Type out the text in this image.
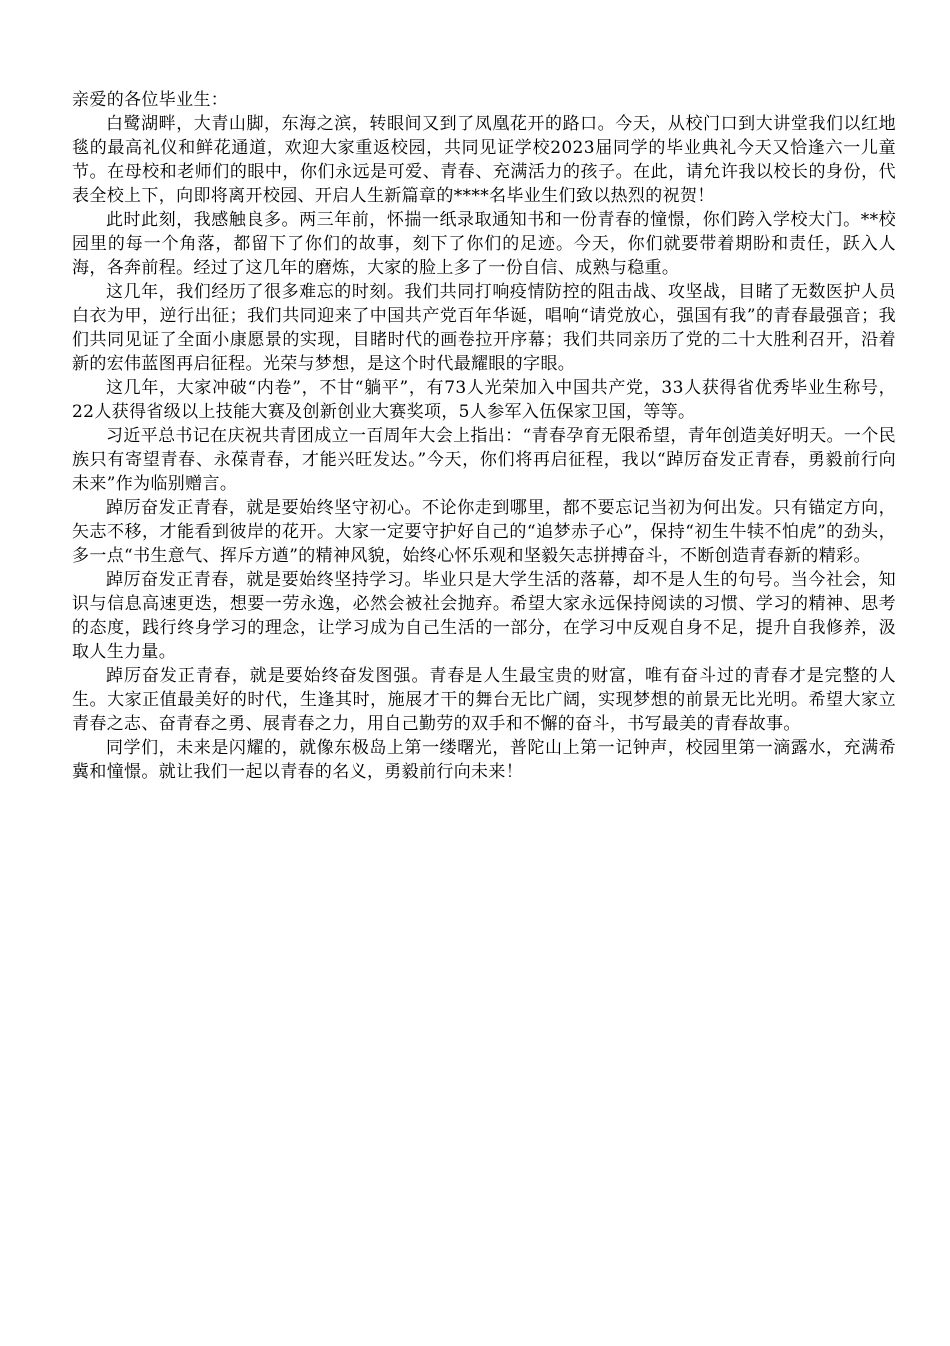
亲爱的各位毕业生：

白鹭湖畔，大青山脚，东海之滨，转眼间又到了凤凰花开的路口。今天，从校门口到大讲堂我们以红地毯的最高礼仪和鲜花通道，欢迎大家重返校园，共同见证学校2023届同学的毕业典礼今天又恰逢六一儿童节。在母校和老师们的眼中，你们永远是可爱、青春、充满活力的孩子。在此，请允许我以校长的身份，代表全校上下，向即将离开校园、开启人生新篇章的****名毕业生们致以热烈的祝贺！

此时此刻，我感触良多。两三年前，怀揣一纸录取通知书和一份青春的憧憬，你们跨入学校大门。**校园里的每一个角落，都留下了你们的故事，刻下了你们的足迹。今天，你们就要带着期盼和责任，跃入人海，各奔前程。经过了这几年的磨炼，大家的脸上多了一份自信、成熟与稳重。

这几年，我们经历了很多难忘的时刻。我们共同打响疫情防控的阻击战、攻坚战，目睹了无数医护人员白衣为甲，逆行出征；我们共同迎来了中国共产党百年华诞，唱响“请党放心，强国有我”的青春最强音；我们共同见证了全面小康愿景的实现，目睹时代的画卷拉开序幕；我们共同亲历了党的二十大胜利召开，沿着新的宏伟蓝图再启征程。光荣与梦想，是这个时代最耀眼的字眼。

这几年，大家冲破“内卷”，不甘“躺平”，有73人光荣加入中国共产党，33人获得省优秀毕业生称号，22人获得省级以上技能大赛及创新创业大赛奖项，5人参军入伍保家卫国，等等。

习近平总书记在庆祝共青团成立一百周年大会上指出：“青春孕育无限希望，青年创造美好明天。一个民族只有寄望青春、永葆青春，才能兴旺发达。”今天，你们将再启征程，我以“踔厉奋发正青春，勇毅前行向未来”作为临别赠言。

踔厉奋发正青春，就是要始终坚守初心。不论你走到哪里，都不要忘记当初为何出发。只有锚定方向，矢志不移，才能看到彼岸的花开。大家一定要守护好自己的“追梦赤子心”，保持“初生牛犊不怕虎”的劲头，多一点“书生意气、挥斥方遒”的精神风貌，始终心怀乐观和坚毅矢志拼搏奋斗，不断创造青春新的精彩。

踔厉奋发正青春，就是要始终坚持学习。毕业只是大学生活的落幕，却不是人生的句号。当今社会，知识与信息高速更迭，想要一劳永逸，必然会被社会抛弃。希望大家永远保持阅读的习惯、学习的精神、思考的态度，践行终身学习的理念，让学习成为自己生活的一部分，在学习中反观自身不足，提升自我修养，汲取人生力量。

踔厉奋发正青春，就是要始终奋发图强。青春是人生最宝贵的财富，唯有奋斗过的青春才是完整的人生。大家正值最美好的时代，生逢其时，施展才干的舞台无比广阔，实现梦想的前景无比光明。希望大家立青春之志、奋青春之勇、展青春之力，用自己勤劳的双手和不懈的奋斗，书写最美的青春故事。

同学们，未来是闪耀的，就像东极岛上第一缕曙光，普陀山上第一记钟声，校园里第一滴露水，充满希冀和憧憬。就让我们一起以青春的名义，勇毅前行向未来！
